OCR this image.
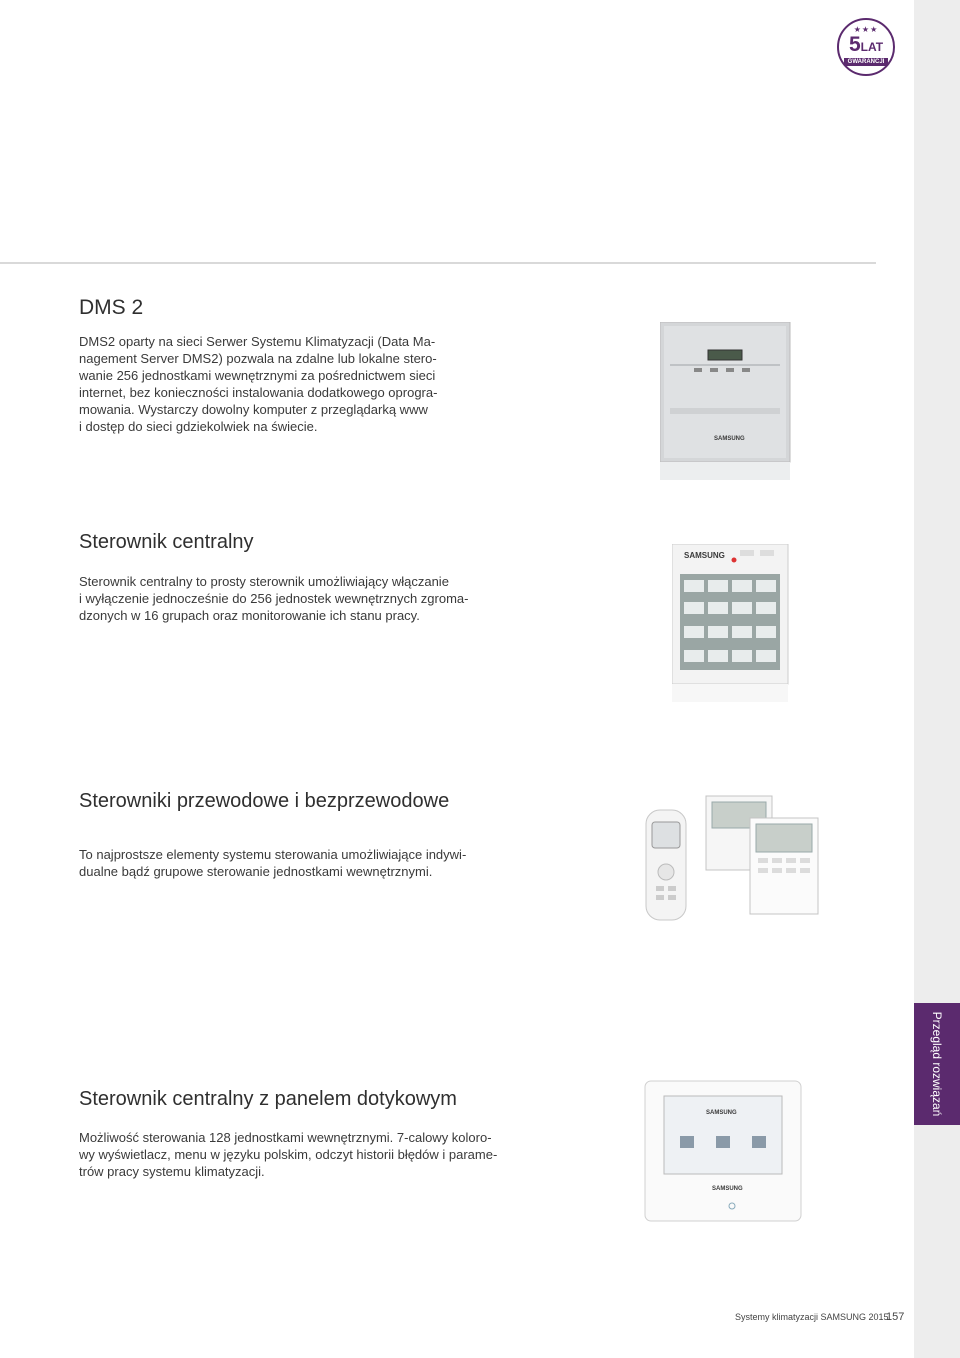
Przegląd rozwiązań
★★★
5LAT
GWARANCJI
DMS 2
DMS2 oparty na sieci Serwer Systemu Klimatyzacji (Data Ma-
nagement Server DMS2) pozwala na zdalne lub lokalne stero-
wanie 256 jednostkami wewnętrznymi za pośrednictwem sieci
internet, bez konieczności instalowania dodatkowego oprogra-
mowania. Wystarczy dowolny komputer z przeglądarką www
i dostęp do sieci gdziekolwiek na świecie.
SAMSUNG
Sterownik centralny
Sterownik centralny to prosty sterownik umożliwiający włączanie
i wyłączenie jednocześnie do 256 jednostek wewnętrznych zgroma-
dzonych w 16 grupach oraz monitorowanie ich stanu pracy.
SAMSUNG
Sterowniki przewodowe i bezprzewodowe
To najprostsze elementy systemu sterowania umożliwiające indywi-
dualne bądź grupowe sterowanie jednostkami wewnętrznymi.
Sterownik centralny z panelem dotykowym
Możliwość sterowania 128 jednostkami wewnętrznymi. 7-calowy koloro-
wy wyświetlacz, menu w języku polskim, odczyt historii błędów i parame-
trów pracy systemu klimatyzacji.
SAMSUNG
SAMSUNG
Systemy klimatyzacji SAMSUNG 2015
157
